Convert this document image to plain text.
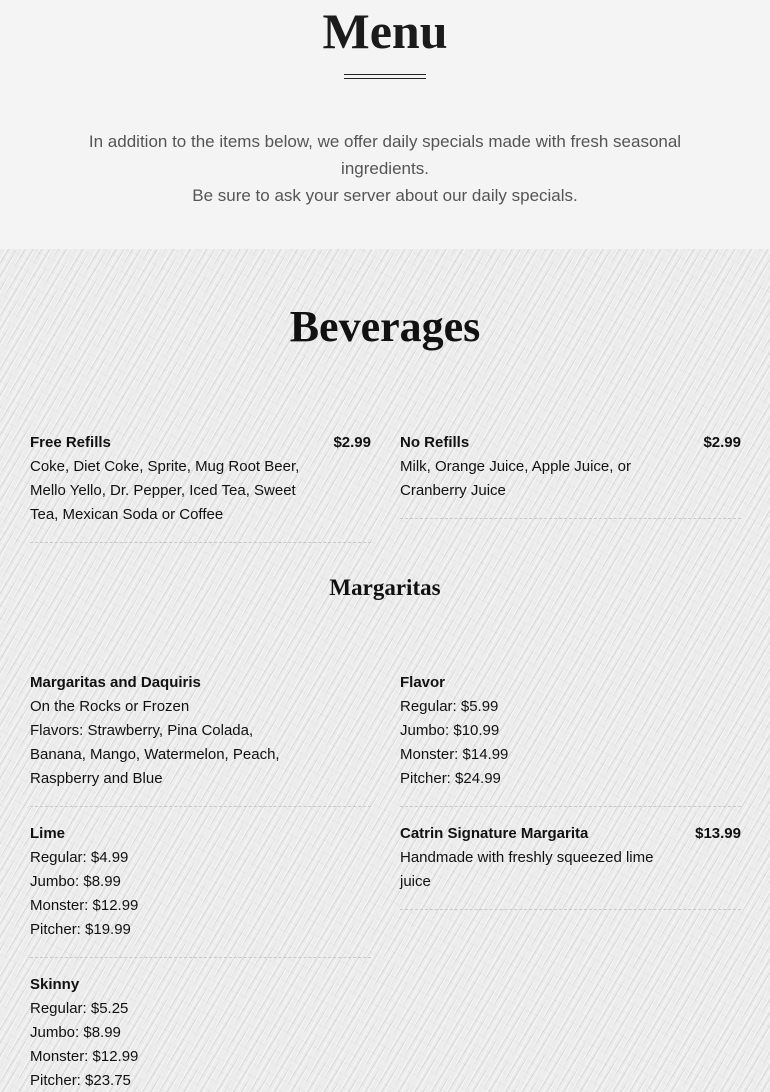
Menu

In addition to the items below, we offer daily specials made with fresh seasonal ingredients.

Be sure to ask your server about our daily specials.

Beverages
Free Refills	$2.99

Coke, Diet Coke, Sprite, Mug Root Beer, Mello Yello, Dr. Pepper, Iced Tea, Sweet Tea, Mexican Soda or Coffee

No Refills	$2.99

Milk, Orange Juice, Apple Juice, or Cranberry Juice

Margaritas
Margaritas and Daquiris

On the Rocks or Frozen
Flavors: Strawberry, Pina Colada, Banana, Mango, Watermelon, Peach, Raspberry and Blue

Flavor

Regular: $5.99
Jumbo: $10.99
Monster: $14.99
Pitcher: $24.99

Lime

Regular: $4.99
Jumbo: $8.99
Monster: $12.99
Pitcher: $19.99

Catrin Signature Margarita	$13.99

Handmade with freshly squeezed lime juice

Skinny

Regular: $5.25
Jumbo: $8.99
Monster: $12.99
Pitcher: $23.75
